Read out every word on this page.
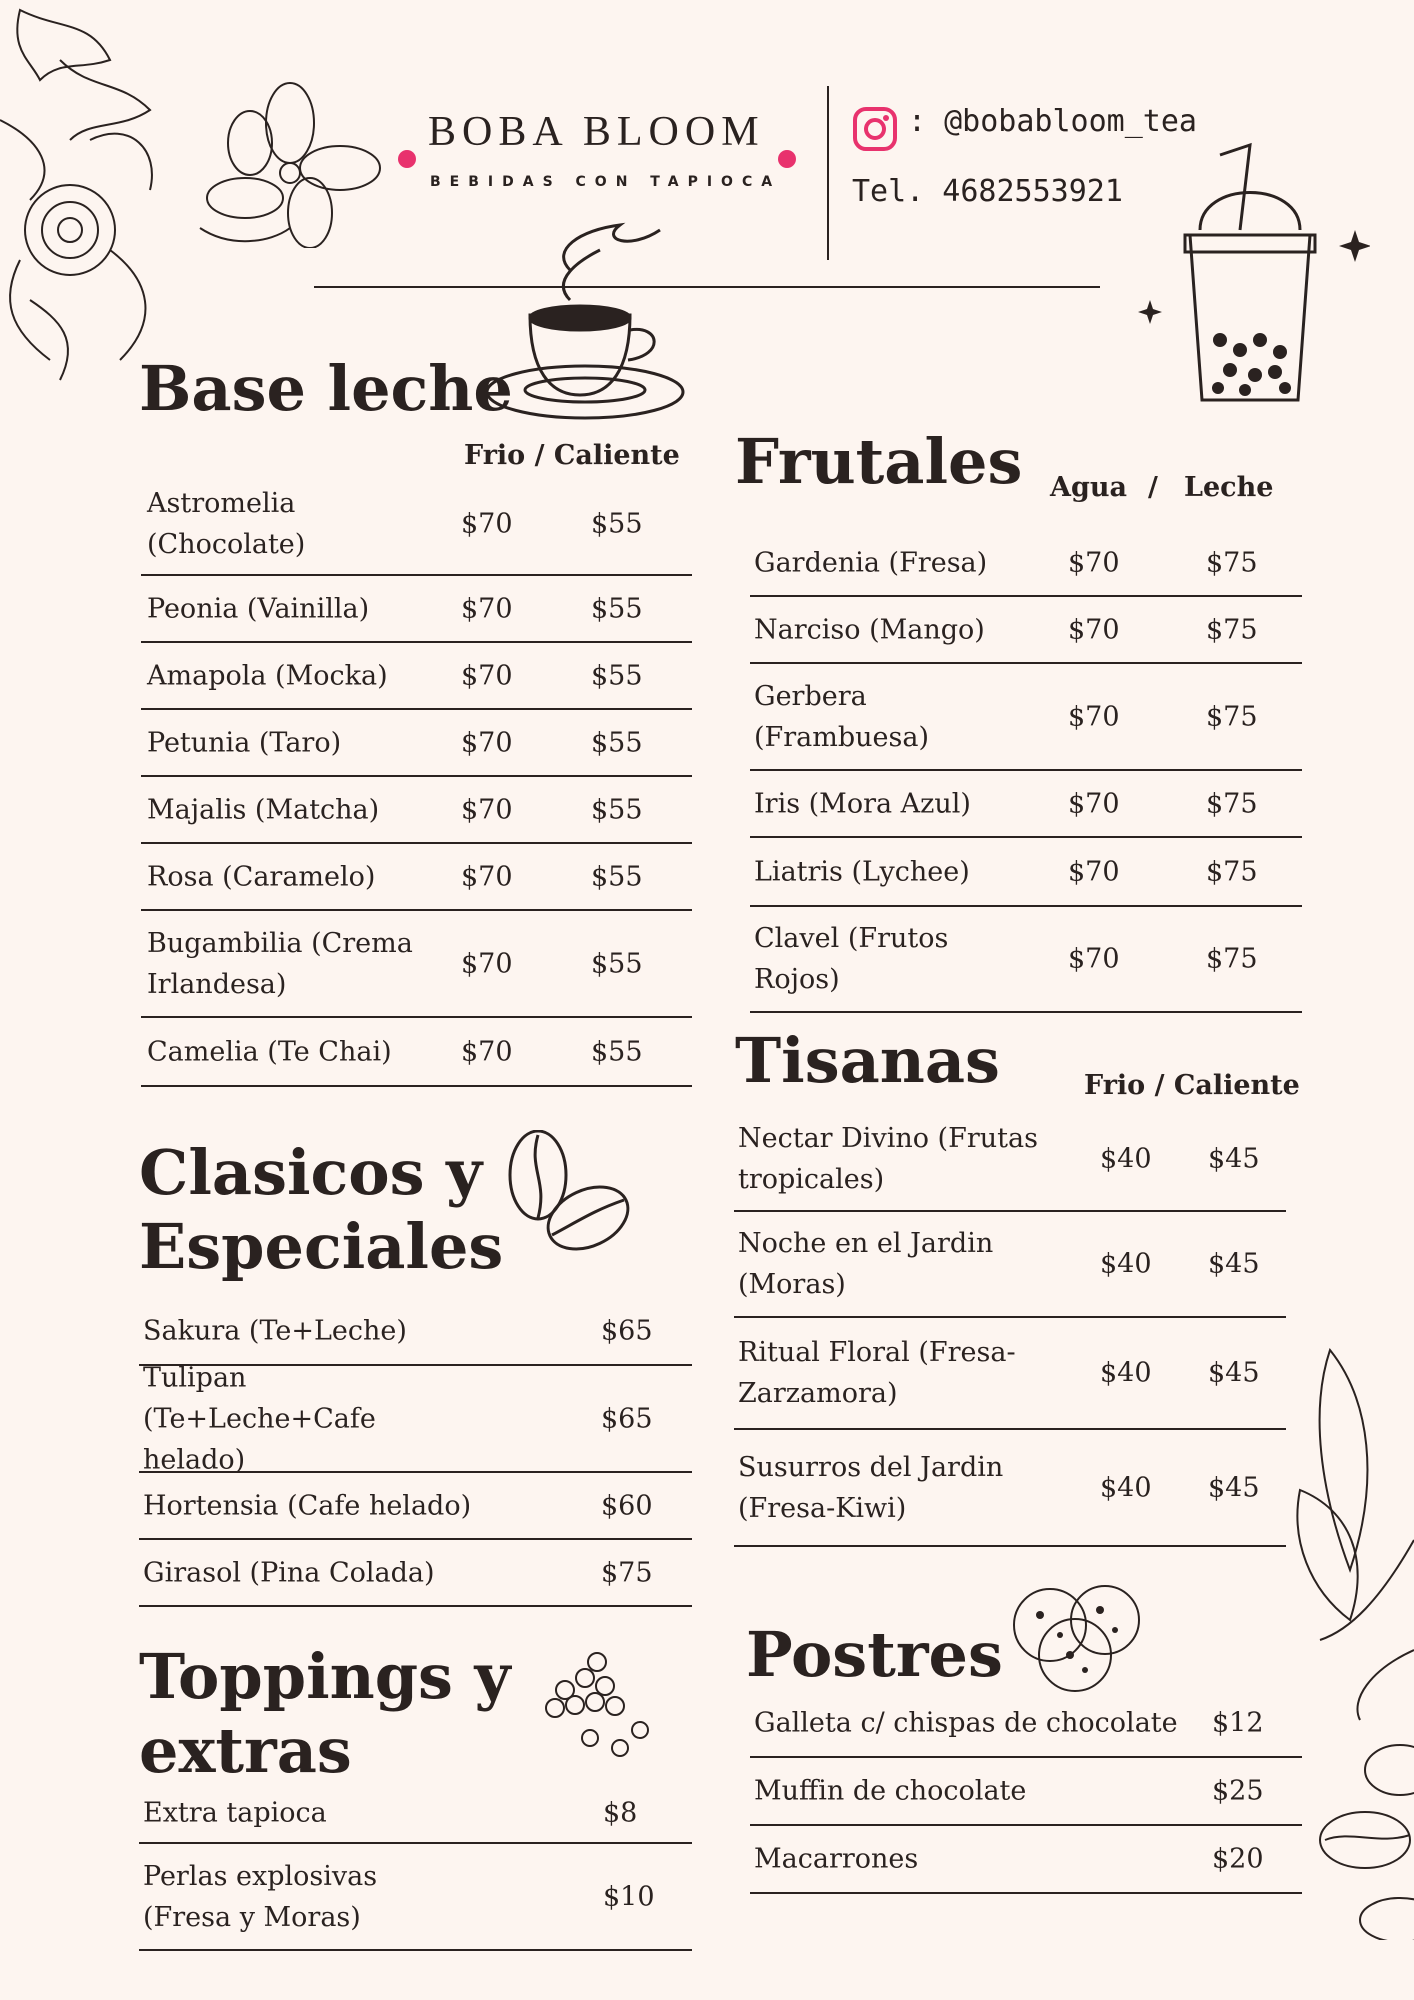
BOBA BLOOM
BEBIDAS CON TAPIOCA
: @bobabloom_tea
Tel. 4682553921
Base leche
Frio / Caliente
Astromelia (Chocolate)
$70	$55
Peonia (Vainilla)	$70	$55
Amapola (Mocka)	$70	$55
Petunia (Taro)	$70	$55
Majalis (Matcha)	$70	$55
Rosa (Caramelo)	$70	$55
Bugambilia (Crema Irlandesa)
$70	$55
Camelia (Te Chai)	$70	$55
Clasicos y
Especiales
Sakura (Te+Leche)	$65
Tulipan (Te+Leche+Cafe helado)
$65
Hortensia (Cafe helado)	$60
Girasol (Pina Colada)	$75
Toppings y
extras
Extra tapioca	$8
Perlas explosivas (Fresa y Moras)
$10
Frutales Agua / Leche
Gardenia (Fresa)	$70	$75
Narciso (Mango)	$70	$75
Gerbera (Frambuesa)
$70	$75
Iris (Mora Azul)	$70	$75
Liatris (Lychee)	$70	$75
Clavel (Frutos Rojos)
$70	$75
Tisanas	Frio / Caliente
Nectar Divino (Frutas tropicales)
$40 $45
Noche en el Jardin (Moras)
$40 $45
Ritual Floral (Fresa-Zarzamora)
$40 $45
Susurros del Jardin (Fresa-Kiwi)
$40 $45
Postres
Galleta c/ chispas de chocolate	$12
Muffin de chocolate	$25
Macarrones	$20
